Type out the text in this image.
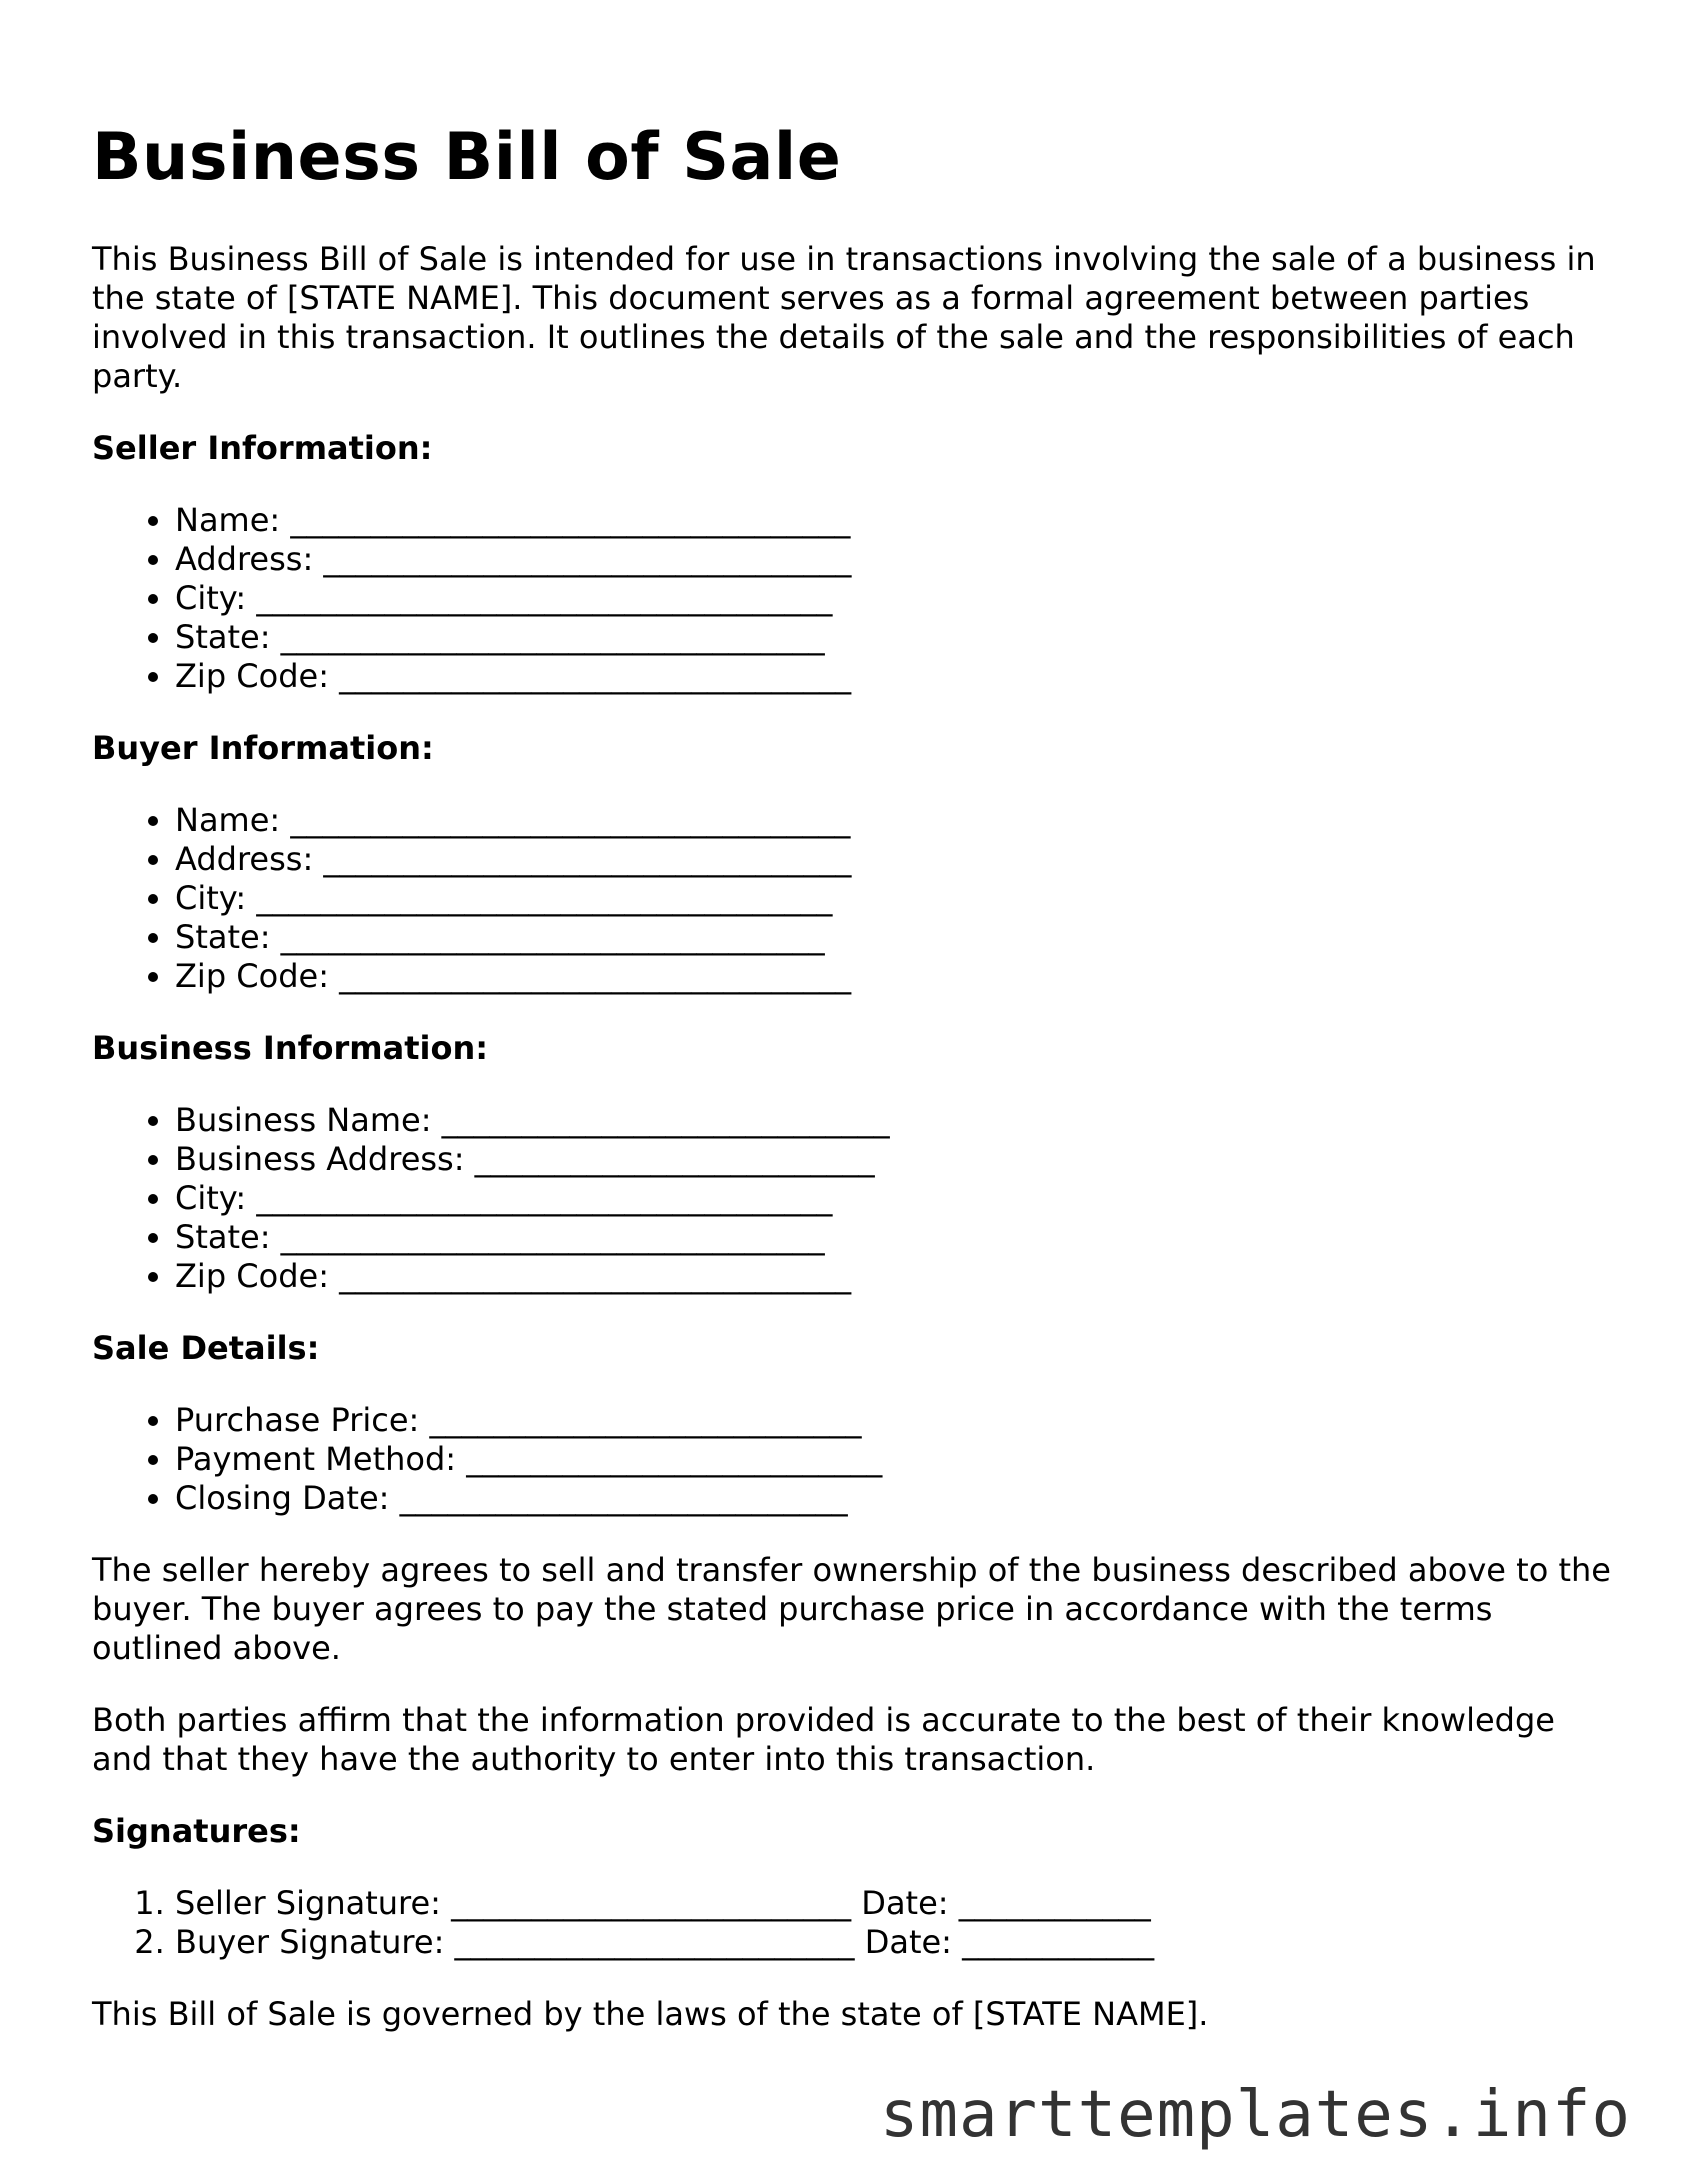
Business Bill of Sale

This Business Bill of Sale is intended for use in transactions involving the sale of a business in the state of [STATE NAME]. This document serves as a formal agreement between parties involved in this transaction. It outlines the details of the sale and the responsibilities of each party.

Seller Information:
• Name: ___________________________________
• Address: _________________________________
• City: ____________________________________
• State: __________________________________
• Zip Code: ________________________________
Buyer Information:
• Name: ___________________________________
• Address: _________________________________
• City: ____________________________________
• State: __________________________________
• Zip Code: ________________________________
Business Information:
• Business Name: ____________________________
• Business Address: _________________________
• City: ____________________________________
• State: __________________________________
• Zip Code: ________________________________
Sale Details:
• Purchase Price: ___________________________
• Payment Method: __________________________
• Closing Date: ____________________________

The seller hereby agrees to sell and transfer ownership of the business described above to the buyer. The buyer agrees to pay the stated purchase price in accordance with the terms outlined above.

Both parties affirm that the information provided is accurate to the best of their knowledge and that they have the authority to enter into this transaction.

Signatures:
1. Seller Signature: _________________________ Date: ____________
2. Buyer Signature: _________________________ Date: ____________

This Bill of Sale is governed by the laws of the state of [STATE NAME].

smarttemplates.info
